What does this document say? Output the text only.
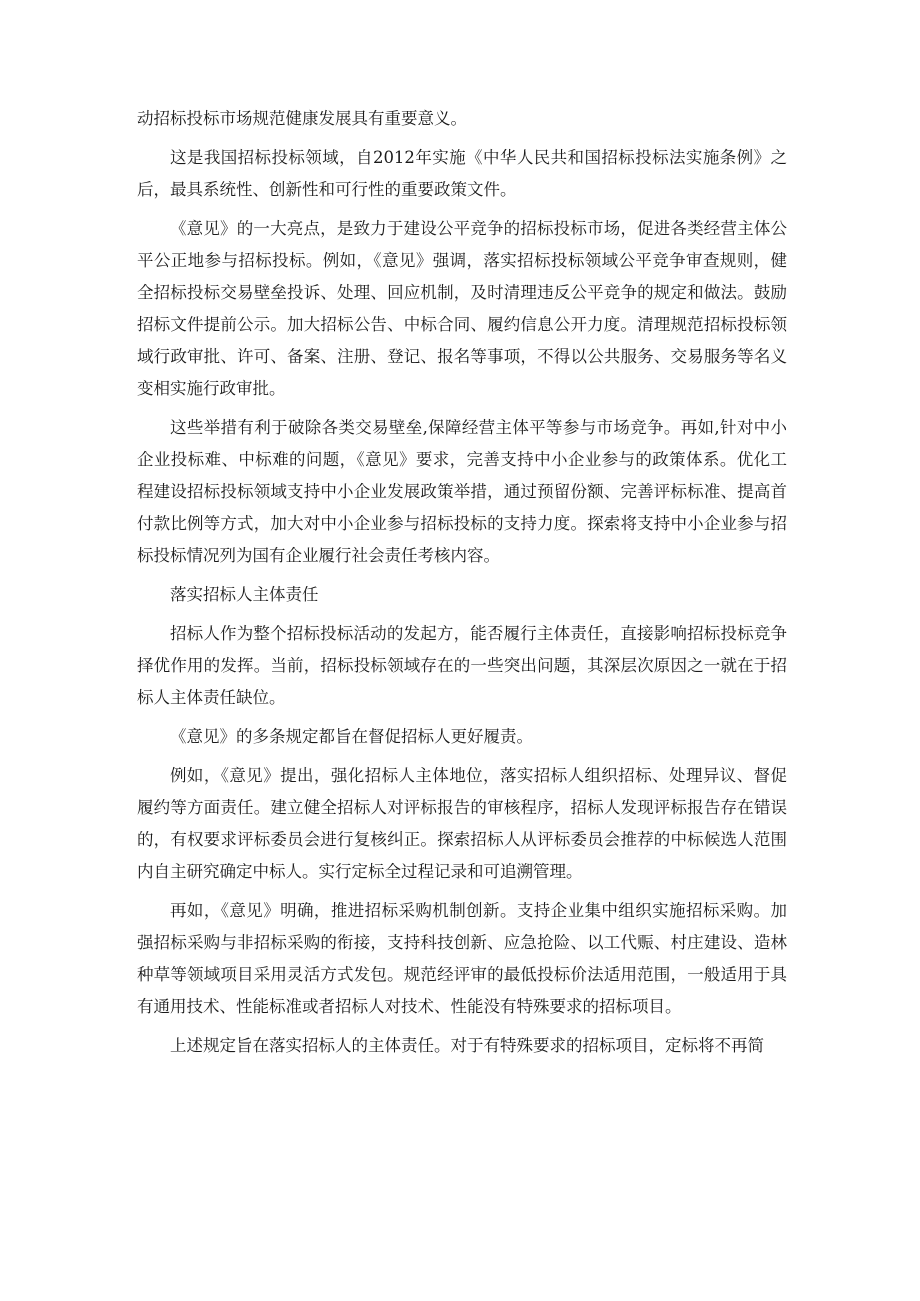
动招标投标市场规范健康发展具有重要意义。

这是我国招标投标领域，自2012年实施《中华人民共和国招标投标法实施条例》之后，最具系统性、创新性和可行性的重要政策文件。

《意见》的一大亮点，是致力于建设公平竞争的招标投标市场，促进各类经营主体公平公正地参与招标投标。例如，《意见》强调，落实招标投标领域公平竞争审查规则，健全招标投标交易壁垒投诉、处理、回应机制，及时清理违反公平竞争的规定和做法。鼓励招标文件提前公示。加大招标公告、中标合同、履约信息公开力度。清理规范招标投标领域行政审批、许可、备案、注册、登记、报名等事项，不得以公共服务、交易服务等名义变相实施行政审批。

这些举措有利于破除各类交易壁垒,保障经营主体平等参与市场竞争。再如,针对中小企业投标难、中标难的问题，《意见》要求，完善支持中小企业参与的政策体系。优化工程建设招标投标领域支持中小企业发展政策举措，通过预留份额、完善评标标准、提高首付款比例等方式，加大对中小企业参与招标投标的支持力度。探索将支持中小企业参与招标投标情况列为国有企业履行社会责任考核内容。

落实招标人主体责任

招标人作为整个招标投标活动的发起方，能否履行主体责任，直接影响招标投标竞争择优作用的发挥。当前，招标投标领域存在的一些突出问题，其深层次原因之一就在于招标人主体责任缺位。

《意见》的多条规定都旨在督促招标人更好履责。

例如，《意见》提出，强化招标人主体地位，落实招标人组织招标、处理异议、督促履约等方面责任。建立健全招标人对评标报告的审核程序，招标人发现评标报告存在错误的，有权要求评标委员会进行复核纠正。探索招标人从评标委员会推荐的中标候选人范围内自主研究确定中标人。实行定标全过程记录和可追溯管理。

再如，《意见》明确，推进招标采购机制创新。支持企业集中组织实施招标采购。加强招标采购与非招标采购的衔接，支持科技创新、应急抢险、以工代赈、村庄建设、造林种草等领域项目采用灵活方式发包。规范经评审的最低投标价法适用范围，一般适用于具有通用技术、性能标准或者招标人对技术、性能没有特殊要求的招标项目。

上述规定旨在落实招标人的主体责任。对于有特殊要求的招标项目，定标将不再简
